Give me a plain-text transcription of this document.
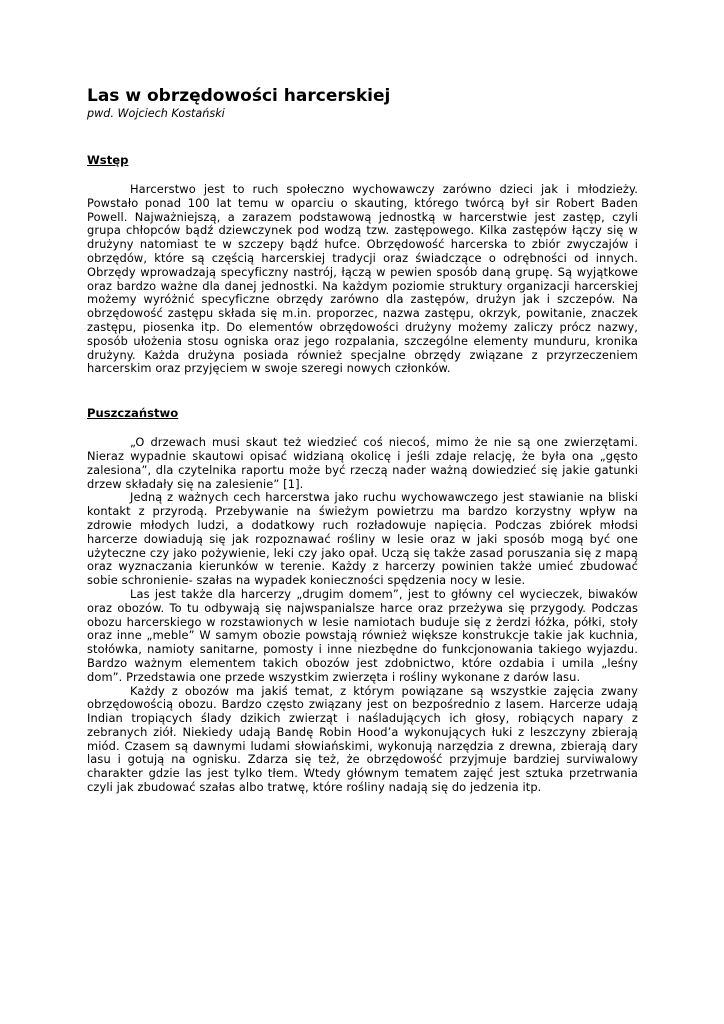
Las w obrzędowości harcerskiej

pwd. Wojciech Kostański

Wstęp

Harcerstwo jest to ruch społeczno wychowawczy zarówno dzieci jak i młodzieży. Powstało ponad 100 lat temu w oparciu o skauting, którego twórcą był sir Robert Baden Powell. Najważniejszą, a zarazem podstawową jednostką w harcerstwie jest zastęp, czyli grupa chłopców bądź dziewczynek pod wodzą tzw. zastępowego. Kilka zastępów łączy się w drużyny natomiast te w szczepy bądź hufce. Obrzędowość harcerska to zbiór zwyczajów i obrzędów, które są częścią harcerskiej tradycji oraz świadczące o odrębności od innych. Obrzędy wprowadzają specyficzny nastrój, łączą w pewien sposób daną grupę. Są wyjątkowe oraz bardzo ważne dla danej jednostki. Na każdym poziomie struktury organizacji harcerskiej możemy wyróżnić specyficzne obrzędy zarówno dla zastępów, drużyn jak i szczepów. Na obrzędowość zastępu składa się m.in. proporzec, nazwa zastępu, okrzyk, powitanie, znaczek zastępu, piosenka itp. Do elementów obrzędowości drużyny możemy zaliczy prócz nazwy, sposób ułożenia stosu ogniska oraz jego rozpalania, szczególne elementy munduru, kronika drużyny. Każda drużyna posiada również specjalne obrzędy związane z przyrzeczeniem harcerskim oraz przyjęciem w swoje szeregi nowych członków.

Puszczaństwo

„O drzewach musi skaut też wiedzieć coś niecoś, mimo że nie są one zwierzętami. Nieraz wypadnie skautowi opisać widzianą okolicę i jeśli zdaje relację, że była ona „gęsto zalesiona”, dla czytelnika raportu może być rzeczą nader ważną dowiedzieć się jakie gatunki drzew składały się na zalesienie” [1].

Jedną z ważnych cech harcerstwa jako ruchu wychowawczego jest stawianie na bliski kontakt z przyrodą. Przebywanie na świeżym powietrzu ma bardzo korzystny wpływ na zdrowie młodych ludzi, a dodatkowy ruch rozładowuje napięcia. Podczas zbiórek młodsi harcerze dowiadują się jak rozpoznawać rośliny w lesie oraz w jaki sposób mogą być one użyteczne czy jako pożywienie, leki czy jako opał. Uczą się także zasad poruszania się z mapą oraz wyznaczania kierunków w terenie. Każdy z harcerzy powinien także umieć zbudować sobie schronienie- szałas na wypadek konieczności spędzenia nocy w lesie.

Las jest także dla harcerzy „drugim domem”, jest to główny cel wycieczek, biwaków oraz obozów. To tu odbywają się najwspanialsze harce oraz przeżywa się przygody. Podczas obozu harcerskiego w rozstawionych w lesie namiotach buduje się z żerdzi łóżka, półki, stoły oraz inne „meble” W samym obozie powstają również większe konstrukcje takie jak kuchnia, stołówka, namioty sanitarne, pomosty i inne niezbędne do funkcjonowania takiego wyjazdu. Bardzo ważnym elementem takich obozów jest zdobnictwo, które ozdabia i umila „leśny dom”. Przedstawia one przede wszystkim zwierzęta i rośliny wykonane z darów lasu.

Każdy z obozów ma jakiś temat, z którym powiązane są wszystkie zajęcia zwany obrzędowością obozu. Bardzo często związany jest on bezpośrednio z lasem. Harcerze udają Indian tropiących ślady dzikich zwierząt i naśladujących ich głosy, robiących napary z zebranych ziół. Niekiedy udają Bandę Robin Hood’a wykonujących łuki z leszczyny zbierają miód. Czasem są dawnymi ludami słowiańskimi, wykonują narzędzia z drewna, zbierają dary lasu i gotują na ognisku. Zdarza się też, że obrzędowość przyjmuje bardziej surviwalowy charakter gdzie las jest tylko tłem. Wtedy głównym tematem zajęć jest sztuka przetrwania czyli jak zbudować szałas albo tratwę, które rośliny nadają się do jedzenia itp.
